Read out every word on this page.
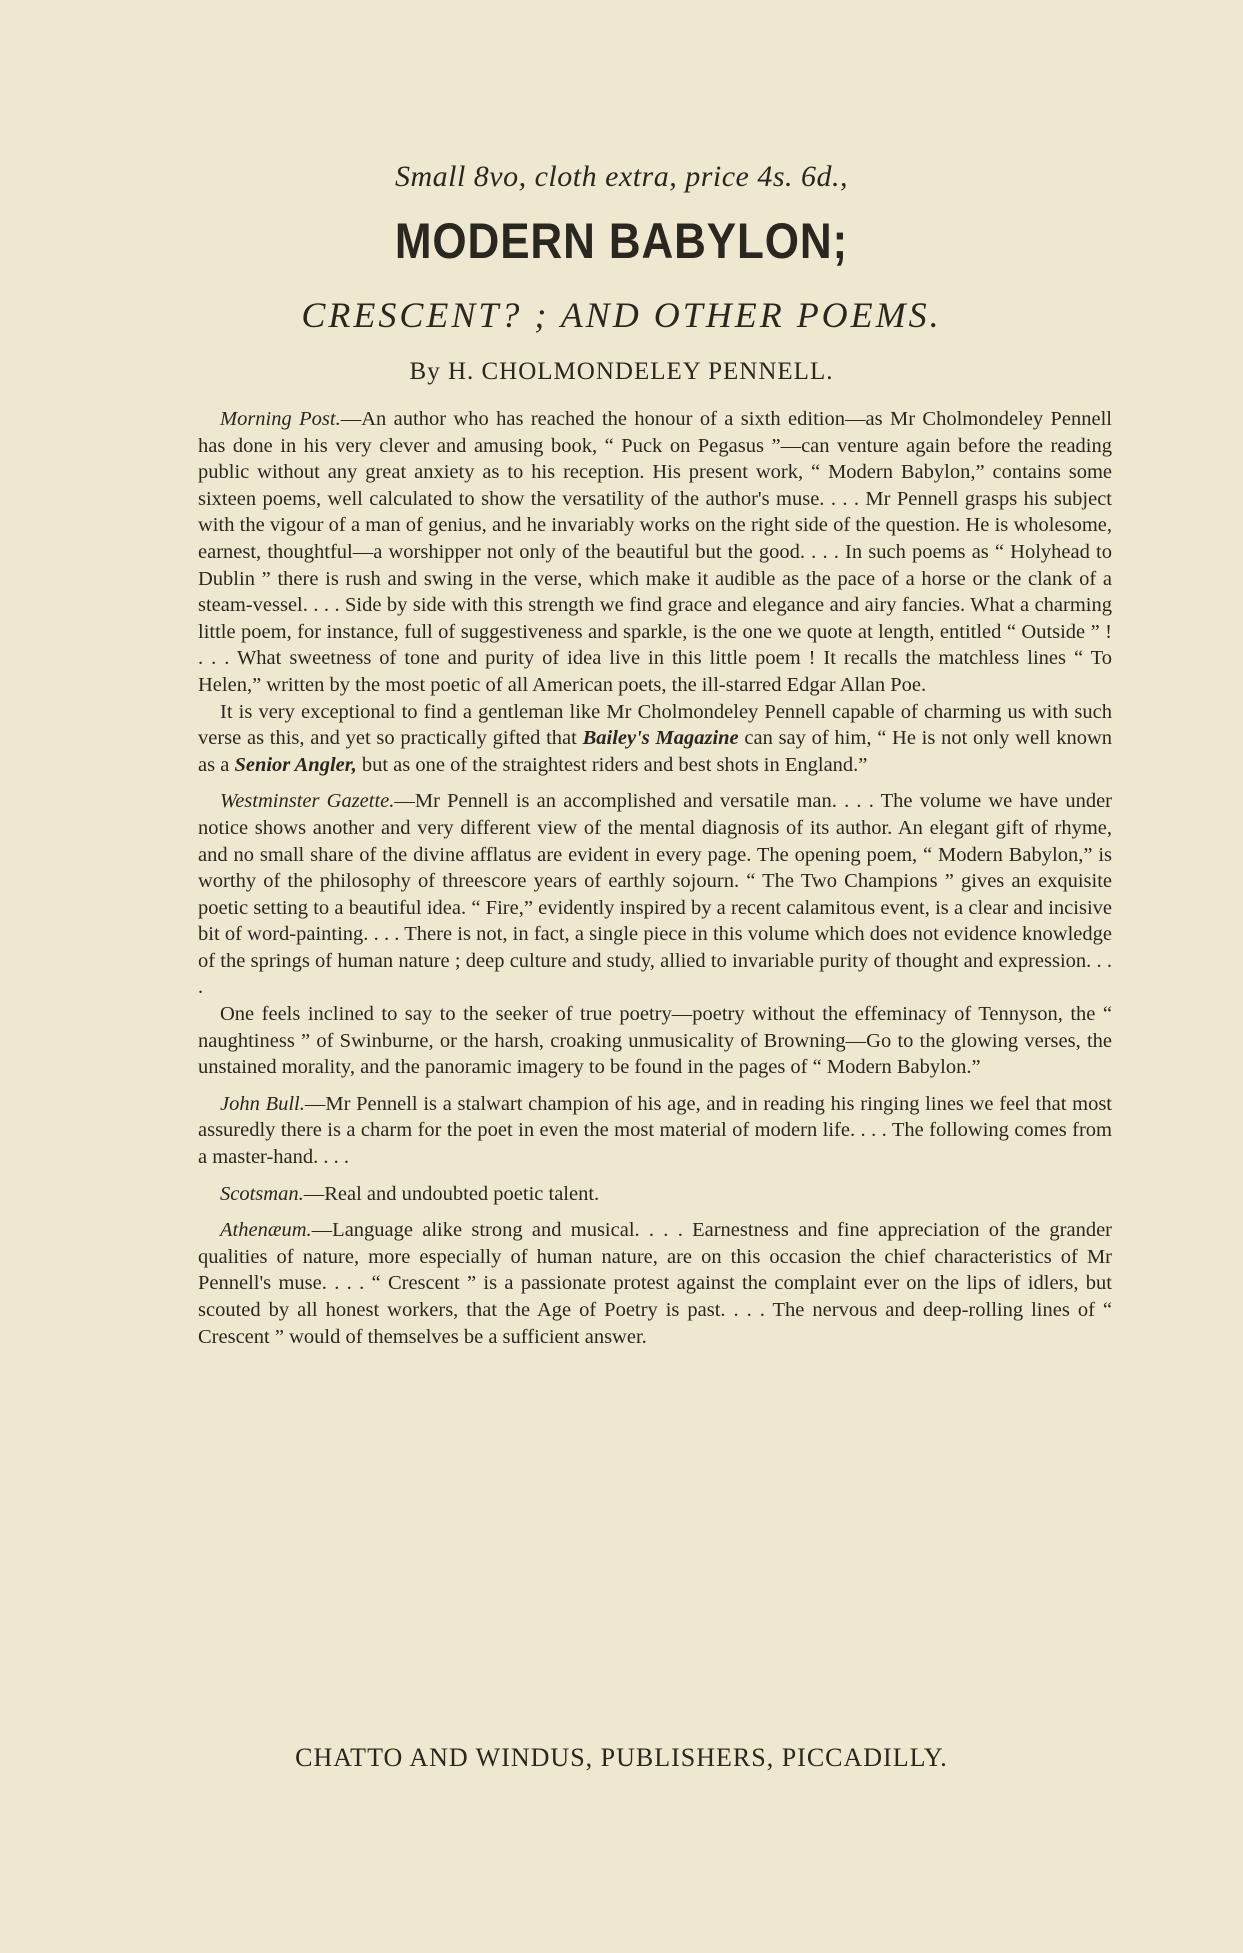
Small 8vo, cloth extra, price 4s. 6d.,
MODERN BABYLON;
CRESCENT? ; AND OTHER POEMS.
By H. CHOLMONDELEY PENNELL.

Morning Post.—An author who has reached the honour of a sixth edition—as Mr Cholmondeley Pennell has done in his very clever and amusing book, “ Puck on Pegasus ”—can venture again before the reading public without any great anxiety as to his reception. His present work, “ Modern Babylon,” contains some sixteen poems, well calculated to show the versatility of the author's muse. . . . Mr Pennell grasps his subject with the vigour of a man of genius, and he invariably works on the right side of the question. He is wholesome, earnest, thoughtful—a worshipper not only of the beautiful but the good. . . . In such poems as “ Holyhead to Dublin ” there is rush and swing in the verse, which make it audible as the pace of a horse or the clank of a steam-vessel. . . . Side by side with this strength we find grace and elegance and airy fancies. What a charming little poem, for instance, full of suggestiveness and sparkle, is the one we quote at length, entitled “ Outside ” ! . . . What sweetness of tone and purity of idea live in this little poem ! It recalls the matchless lines “ To Helen,” written by the most poetic of all American poets, the ill-starred Edgar Allan Poe.

It is very exceptional to find a gentleman like Mr Cholmondeley Pennell capable of charming us with such verse as this, and yet so practically gifted that Bailey's Magazine can say of him, “ He is not only well known as a Senior Angler, but as one of the straightest riders and best shots in England.”

Westminster Gazette.—Mr Pennell is an accomplished and versatile man. . . . The volume we have under notice shows another and very different view of the mental diagnosis of its author. An elegant gift of rhyme, and no small share of the divine afflatus are evident in every page. The opening poem, “ Modern Babylon,” is worthy of the philosophy of threescore years of earthly sojourn. “ The Two Champions ” gives an exquisite poetic setting to a beautiful idea. “ Fire,” evidently inspired by a recent calamitous event, is a clear and incisive bit of word-painting. . . . There is not, in fact, a single piece in this volume which does not evidence knowledge of the springs of human nature ; deep culture and study, allied to invariable purity of thought and expression. . . .

One feels inclined to say to the seeker of true poetry—poetry without the effeminacy of Tennyson, the “ naughtiness ” of Swinburne, or the harsh, croaking unmusicality of Browning—Go to the glowing verses, the unstained morality, and the panoramic imagery to be found in the pages of “ Modern Babylon.”

John Bull.—Mr Pennell is a stalwart champion of his age, and in reading his ringing lines we feel that most assuredly there is a charm for the poet in even the most material of modern life. . . . The following comes from a master-hand. . . .

Scotsman.—Real and undoubted poetic talent.

Athenæum.—Language alike strong and musical. . . . Earnestness and fine appreciation of the grander qualities of nature, more especially of human nature, are on this occasion the chief characteristics of Mr Pennell's muse. . . . “ Crescent ” is a passionate protest against the complaint ever on the lips of idlers, but scouted by all honest workers, that the Age of Poetry is past. . . . The nervous and deep-rolling lines of “ Crescent ” would of themselves be a sufficient answer.

CHATTO AND WINDUS, PUBLISHERS, PICCADILLY.
